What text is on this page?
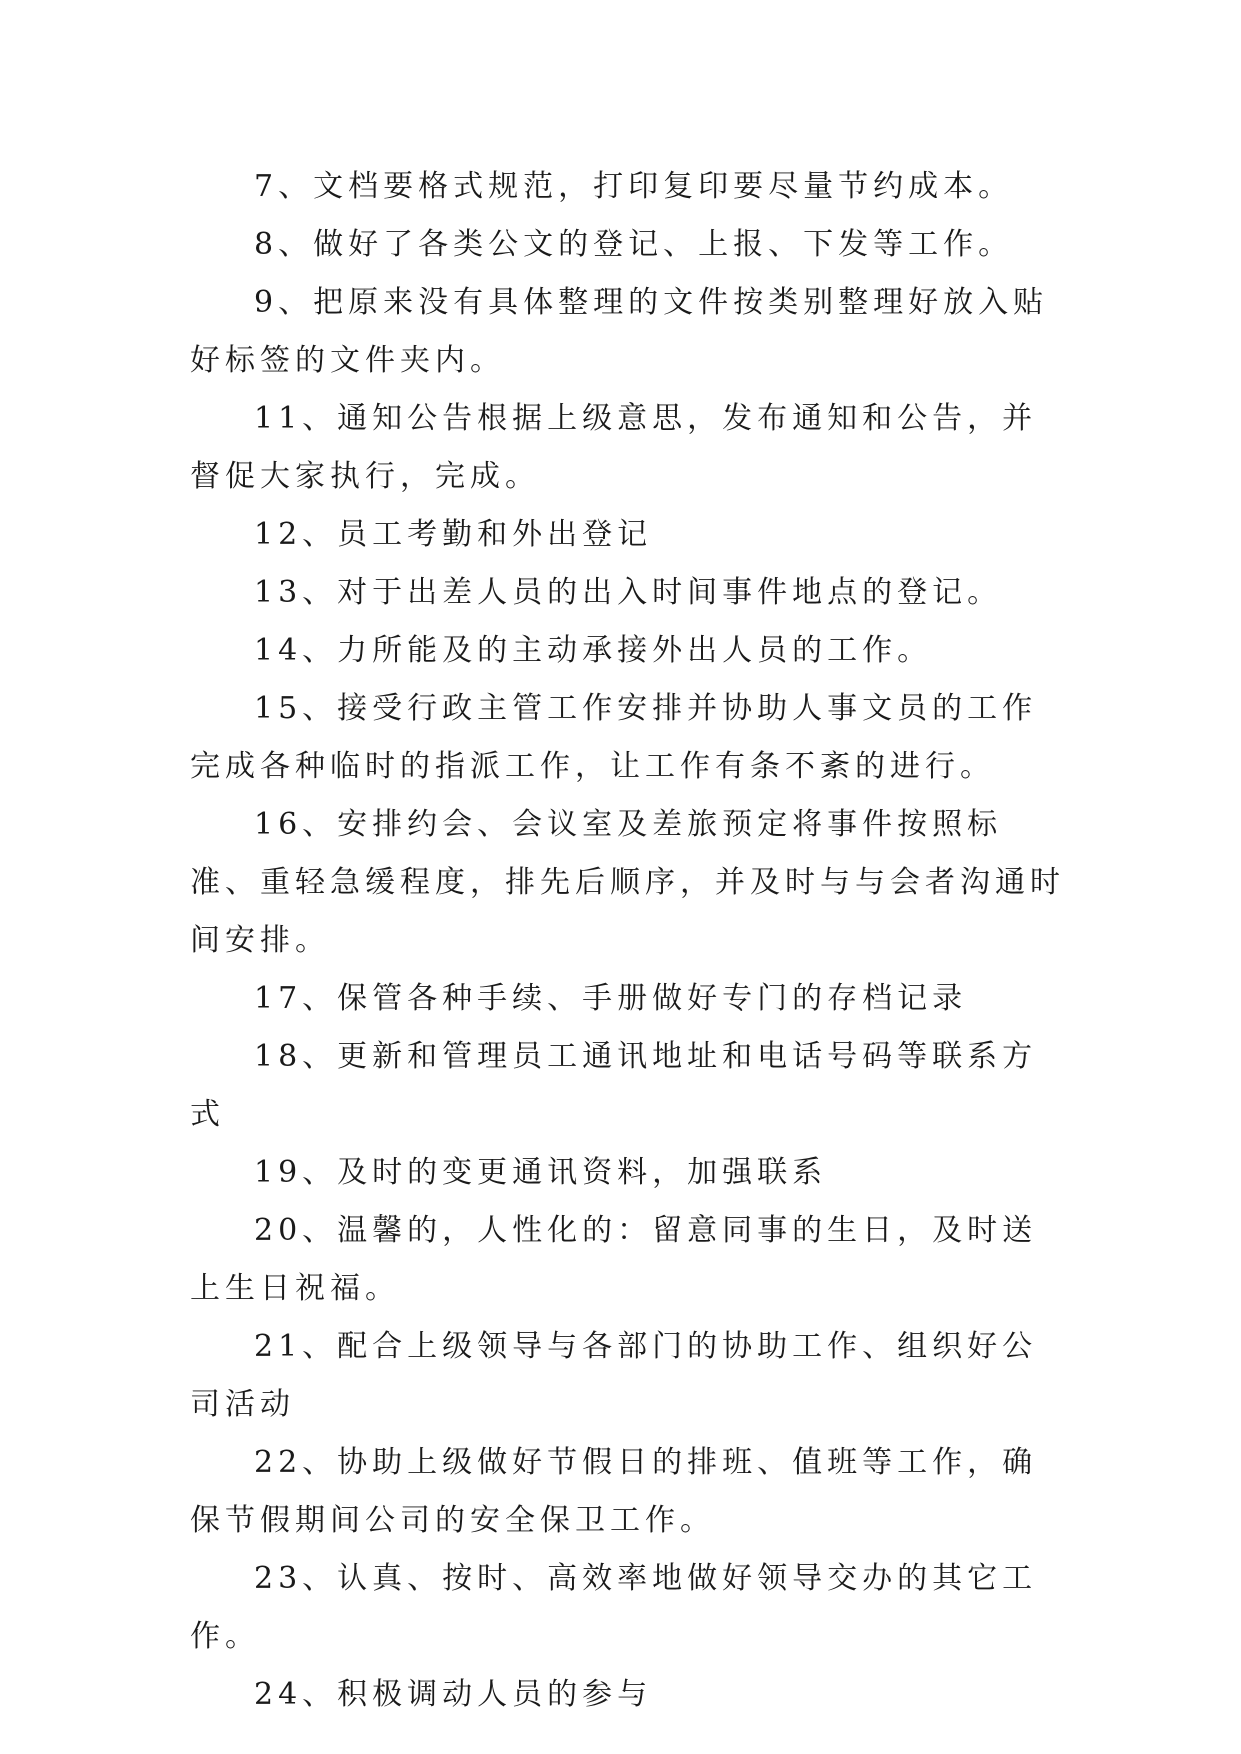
7、文档要格式规范，打印复印要尽量节约成本。

8、做好了各类公文的登记、上报、下发等工作。

9、把原来没有具体整理的文件按类别整理好放入贴好标签的文件夹内。

11、通知公告根据上级意思，发布通知和公告，并督促大家执行，完成。

12、员工考勤和外出登记

13、对于出差人员的出入时间事件地点的登记。

14、力所能及的主动承接外出人员的工作。

15、接受行政主管工作安排并协助人事文员的工作完成各种临时的指派工作，让工作有条不紊的进行。

16、安排约会、会议室及差旅预定将事件按照标准、重轻急缓程度，排先后顺序，并及时与与会者沟通时间安排。

17、保管各种手续、手册做好专门的存档记录

18、更新和管理员工通讯地址和电话号码等联系方式

19、及时的变更通讯资料，加强联系

20、温馨的，人性化的：留意同事的生日，及时送上生日祝福。

21、配合上级领导与各部门的协助工作、组织好公司活动

22、协助上级做好节假日的排班、值班等工作，确保节假期间公司的安全保卫工作。

23、认真、按时、高效率地做好领导交办的其它工作。

24、积极调动人员的参与
